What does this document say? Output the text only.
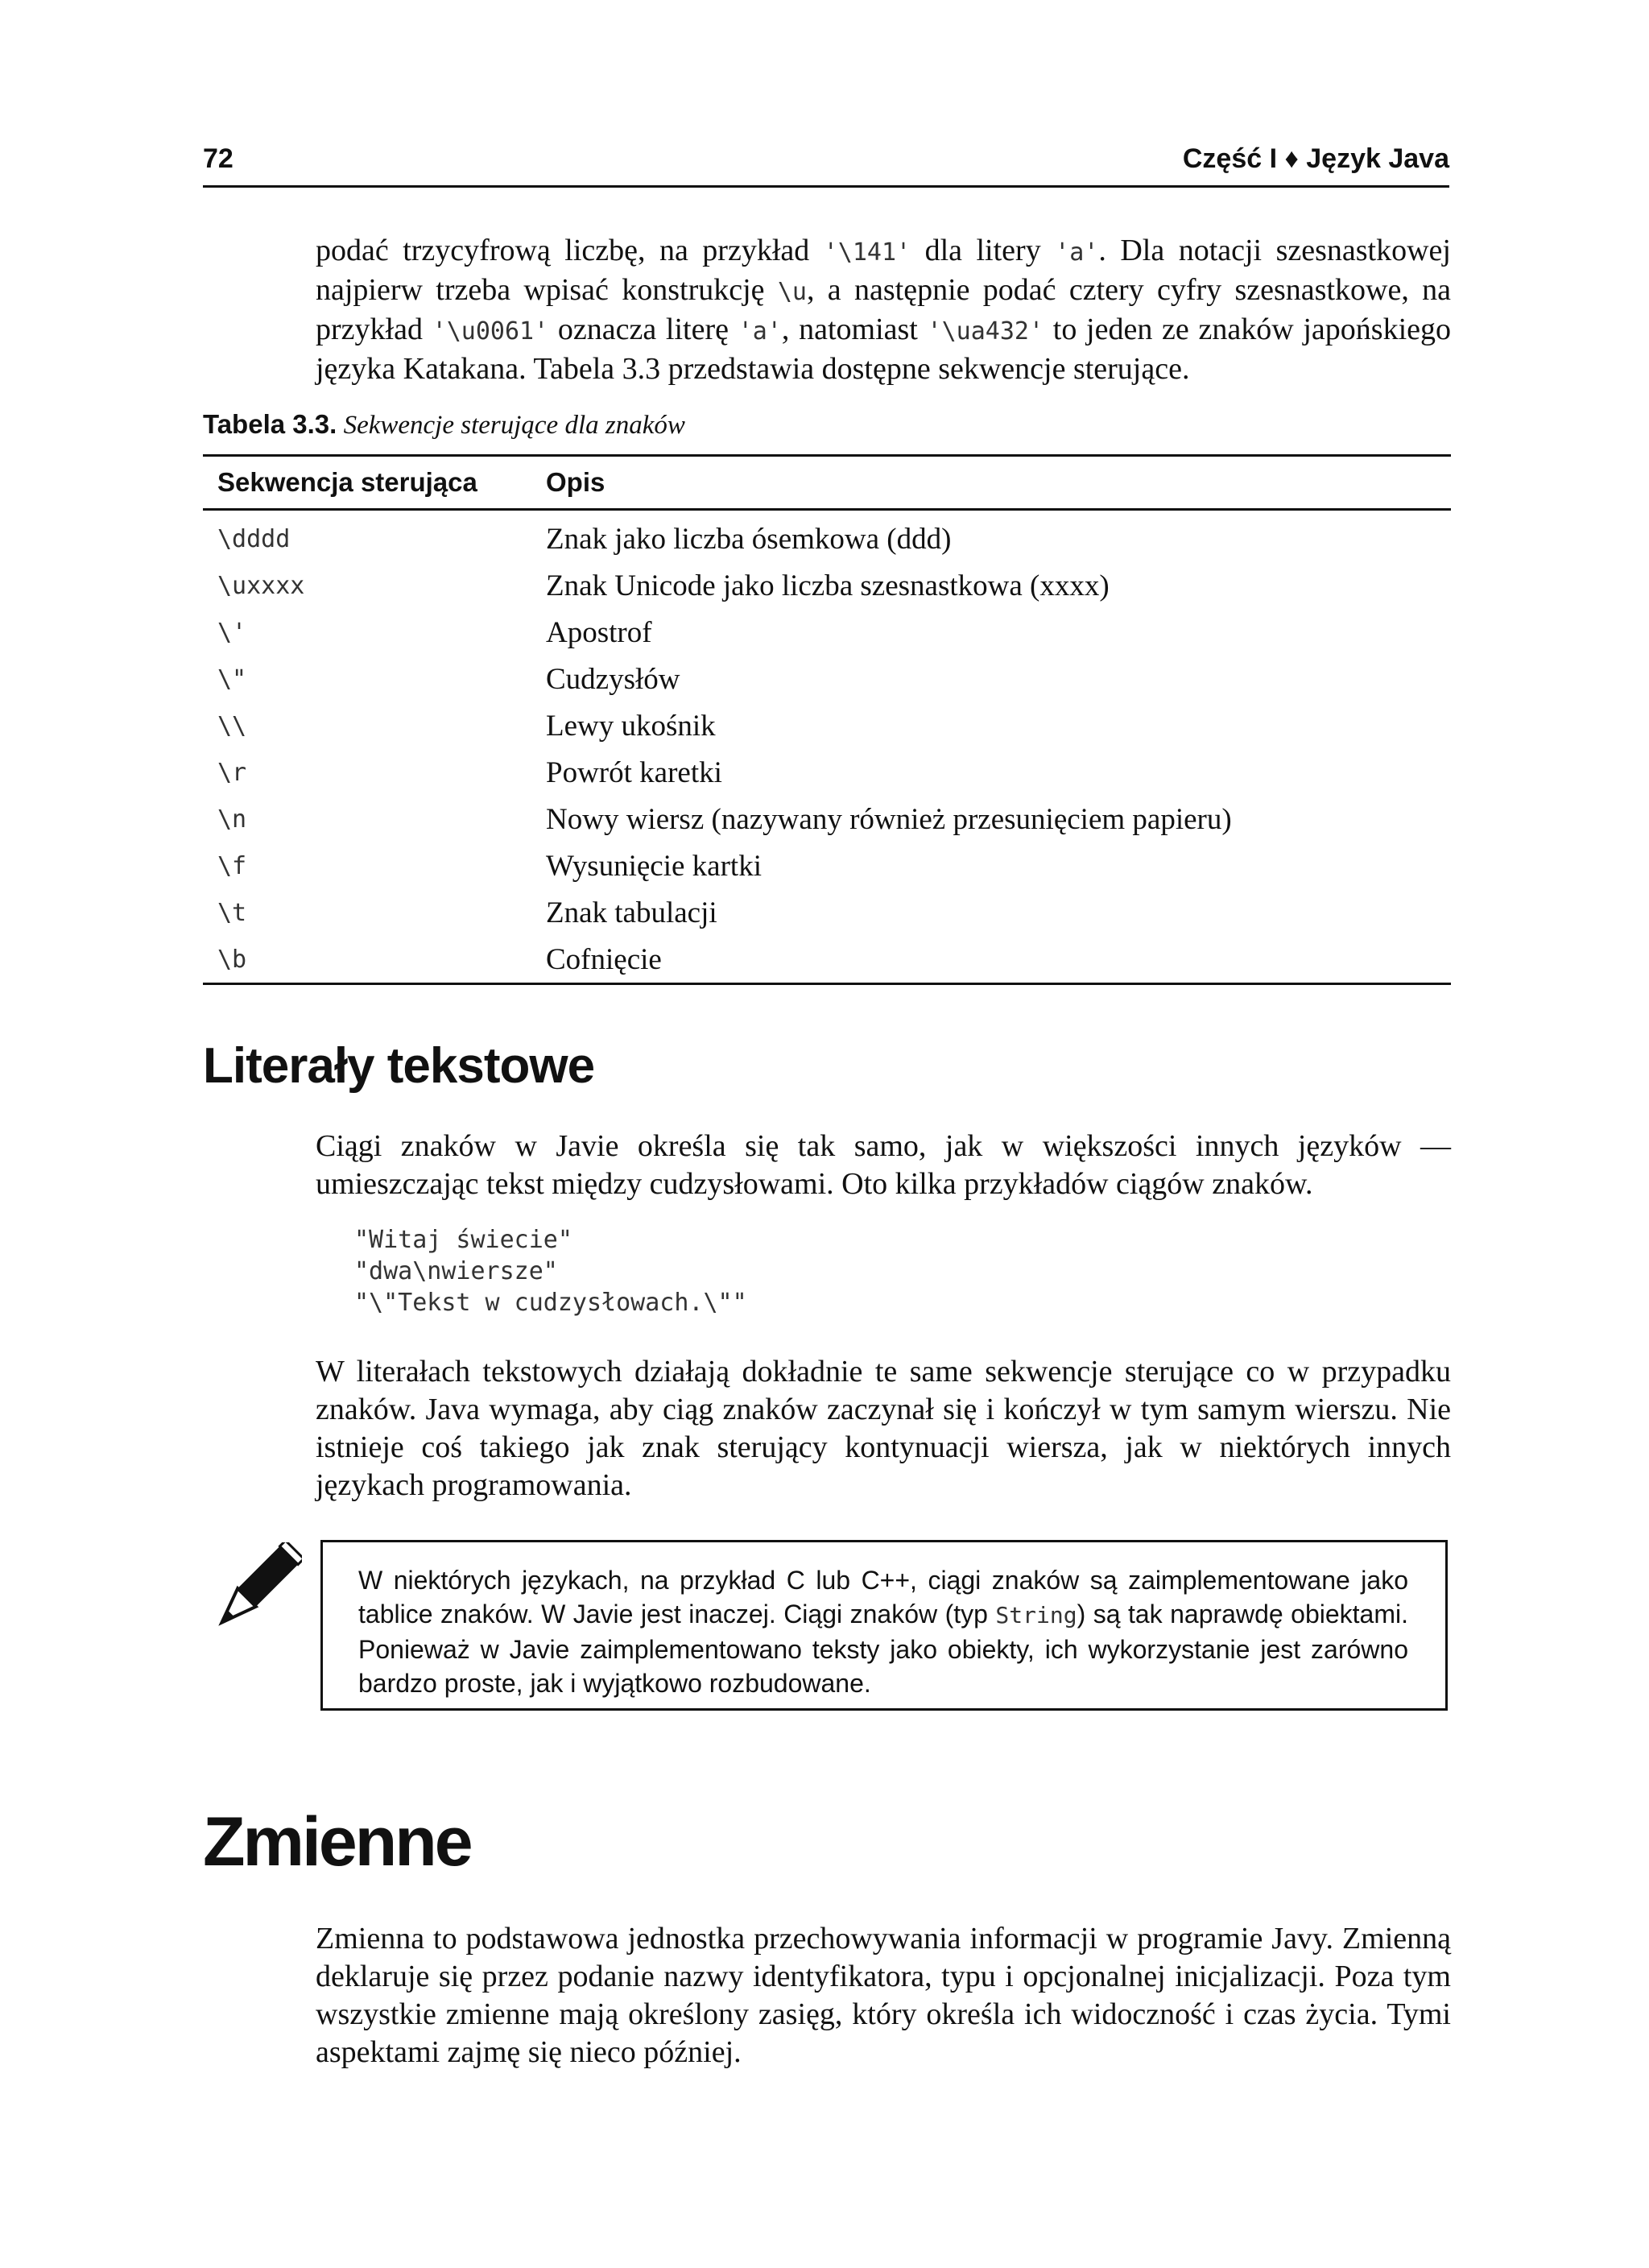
72	Część I ♦ Język Java

podać trzycyfrową liczbę, na przykład '\141' dla litery 'a'. Dla notacji szesnastkowej najpierw trzeba wpisać konstrukcję \u, a następnie podać cztery cyfry szesnastkowe, na przykład '\u0061' oznacza literę 'a', natomiast '\ua432' to jeden ze znaków japońskiego języka Katakana. Tabela 3.3 przedstawia dostępne sekwencje sterujące.

Tabela 3.3. Sekwencje sterujące dla znaków
Sekwencja sterująca	Opis
\dddd	Znak jako liczba ósemkowa (ddd)
\uxxxx	Znak Unicode jako liczba szesnastkowa (xxxx)
\'	Apostrof
\"	Cudzysłów
\\	Lewy ukośnik
\r	Powrót karetki
\n	Nowy wiersz (nazywany również przesunięciem papieru)
\f	Wysunięcie kartki
\t	Znak tabulacji
\b	Cofnięcie
Literały tekstowe

Ciągi znaków w Javie określa się tak samo, jak w większości innych języków — umieszczając tekst między cudzysłowami. Oto kilka przykładów ciągów znaków.

"Witaj świecie"
"dwa\nwiersze"
"\"Tekst w cudzysłowach.\""

W literałach tekstowych działają dokładnie te same sekwencje sterujące co w przypadku znaków. Java wymaga, aby ciąg znaków zaczynał się i kończył w tym samym wierszu. Nie istnieje coś takiego jak znak sterujący kontynuacji wiersza, jak w niektórych innych językach programowania.

W niektórych językach, na przykład C lub C++, ciągi znaków są zaimplementowane jako tablice znaków. W Javie jest inaczej. Ciągi znaków (typ String) są tak naprawdę obiektami. Ponieważ w Javie zaimplementowano teksty jako obiekty, ich wykorzystanie jest zarówno bardzo proste, jak i wyjątkowo rozbudowane.

Zmienne

Zmienna to podstawowa jednostka przechowywania informacji w programie Javy. Zmienną deklaruje się przez podanie nazwy identyfikatora, typu i opcjonalnej inicjalizacji. Poza tym wszystkie zmienne mają określony zasięg, który określa ich widoczność i czas życia. Tymi aspektami zajmę się nieco później.
